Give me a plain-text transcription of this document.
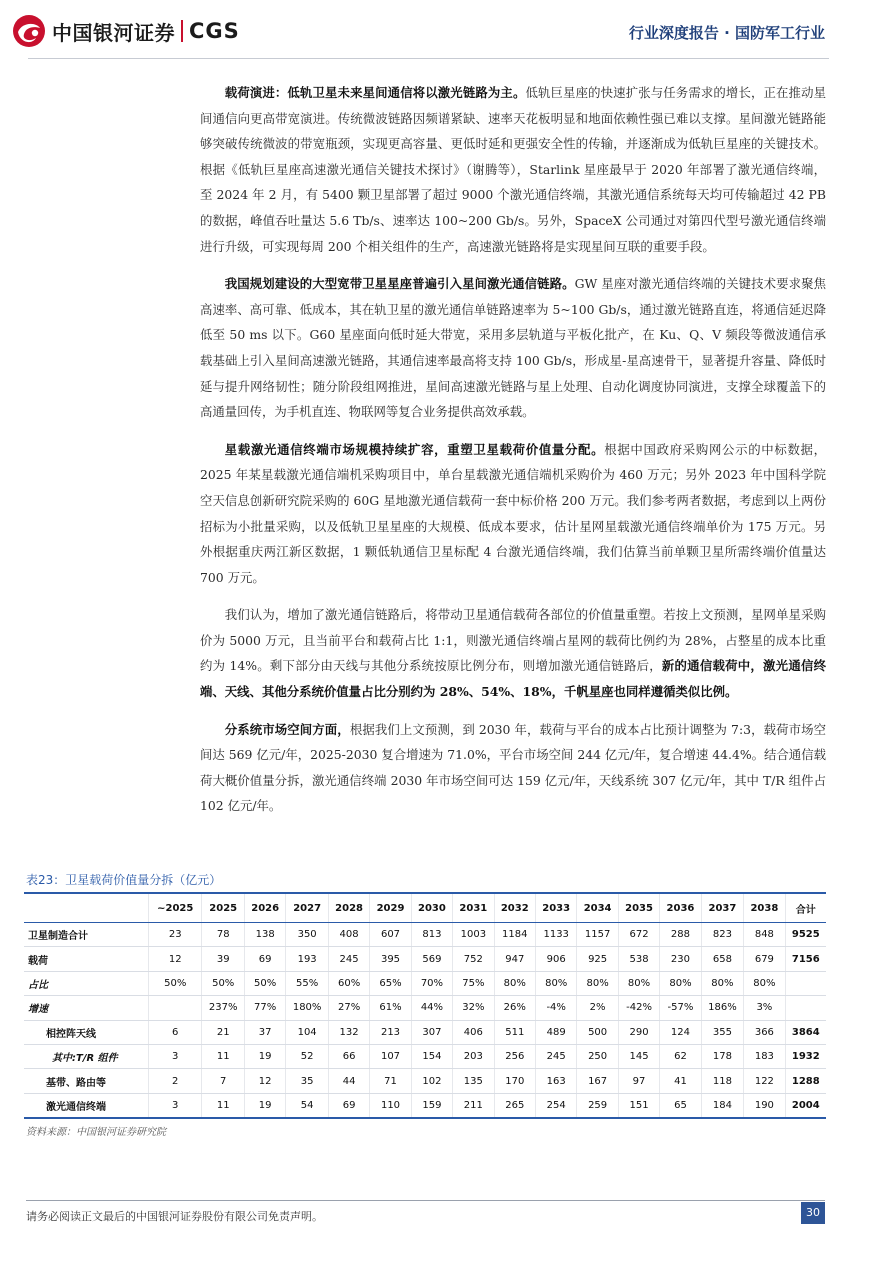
中国银河证券 CGS	行业深度报告 · 国防军工行业

载荷演进：低轨卫星未来星间通信将以激光链路为主。低轨巨星座的快速扩张与任务需求的增长，正在推动星间通信向更高带宽演进。传统微波链路因频谱紧缺、速率天花板明显和地面依赖性强已难以支撑。星间激光链路能够突破传统微波的带宽瓶颈，实现更高容量、更低时延和更强安全性的传输，并逐渐成为低轨巨星座的关键技术。根据《低轨巨星座高速激光通信关键技术探讨》（谢腾等），Starlink 星座最早于 2020 年部署了激光通信终端，至 2024 年 2 月，有 5400 颗卫星部署了超过 9000 个激光通信终端，其激光通信系统每天均可传输超过 42 PB 的数据，峰值吞吐量达 5.6 Tb/s、速率达 100~200 Gb/s。另外，SpaceX 公司通过对第四代型号激光通信终端进行升级，可实现每周 200 个相关组件的生产，高速激光链路将是实现星间互联的重要手段。

我国规划建设的大型宽带卫星星座普遍引入星间激光通信链路。GW 星座对激光通信终端的关键技术要求聚焦高速率、高可靠、低成本，其在轨卫星的激光通信单链路速率为 5~100 Gb/s，通过激光链路直连，将通信延迟降低至 50 ms 以下。G60 星座面向低时延大带宽，采用多层轨道与平板化批产，在 Ku、Q、V 频段等微波通信承载基础上引入星间高速激光链路，其通信速率最高将支持 100 Gb/s，形成星-星高速骨干，显著提升容量、降低时延与提升网络韧性；随分阶段组网推进，星间高速激光链路与星上处理、自动化调度协同演进，支撑全球覆盖下的高通量回传，为手机直连、物联网等复合业务提供高效承载。

星载激光通信终端市场规模持续扩容，重塑卫星载荷价值量分配。根据中国政府采购网公示的中标数据，2025 年某星载激光通信端机采购项目中，单台星载激光通信端机采购价为 460 万元；另外 2023 年中国科学院空天信息创新研究院采购的 60G 星地激光通信载荷一套中标价格 200 万元。我们参考两者数据，考虑到以上两份招标为小批量采购，以及低轨卫星星座的大规模、低成本要求，估计星网星载激光通信终端单价为 175 万元。另外根据重庆两江新区数据，1 颗低轨通信卫星标配 4 台激光通信终端，我们估算当前单颗卫星所需终端价值量达 700 万元。

我们认为，增加了激光通信链路后，将带动卫星通信载荷各部位的价值量重塑。若按上文预测，星网单星采购价为 5000 万元，且当前平台和载荷占比 1:1，则激光通信终端占星网的载荷比例约为 28%，占整星的成本比重约为 14%。剩下部分由天线与其他分系统按原比例分布，则增加激光通信链路后，新的通信载荷中，激光通信终端、天线、其他分系统价值量占比分别约为 28%、54%、18%，千帆星座也同样遵循类似比例。

分系统市场空间方面，根据我们上文预测，到 2030 年，载荷与平台的成本占比预计调整为 7:3，载荷市场空间达 569 亿元/年，2025-2030 复合增速为 71.0%，平台市场空间 244 亿元/年，复合增速 44.4%。结合通信载荷大概价值量分拆，激光通信终端 2030 年市场空间可达 159 亿元/年，天线系统 307 亿元/年，其中 T/R 组件占 102 亿元/年。

表23：卫星载荷价值量分拆（亿元）
	~2025	2025	2026	2027	2028	2029	2030	2031	2032	2033	2034	2035	2036	2037	2038	合计
卫星制造合计	23	78	138	350	408	607	813	1003	1184	1133	1157	672	288	823	848	9525
载荷	12	39	69	193	245	395	569	752	947	906	925	538	230	658	679	7156
占比	50%	50%	50%	55%	60%	65%	70%	75%	80%	80%	80%	80%	80%	80%	80%	
增速		237%	77%	180%	27%	61%	44%	32%	26%	-4%	2%	-42%	-57%	186%	3%	
相控阵天线	6	21	37	104	132	213	307	406	511	489	500	290	124	355	366	3864
其中:T/R 组件	3	11	19	52	66	107	154	203	256	245	250	145	62	178	183	1932
基带、路由等	2	7	12	35	44	71	102	135	170	163	167	97	41	118	122	1288
激光通信终端	3	11	19	54	69	110	159	211	265	254	259	151	65	184	190	2004
资料来源：中国银河证券研究院
请务必阅读正文最后的中国银河证券股份有限公司免责声明。	30
